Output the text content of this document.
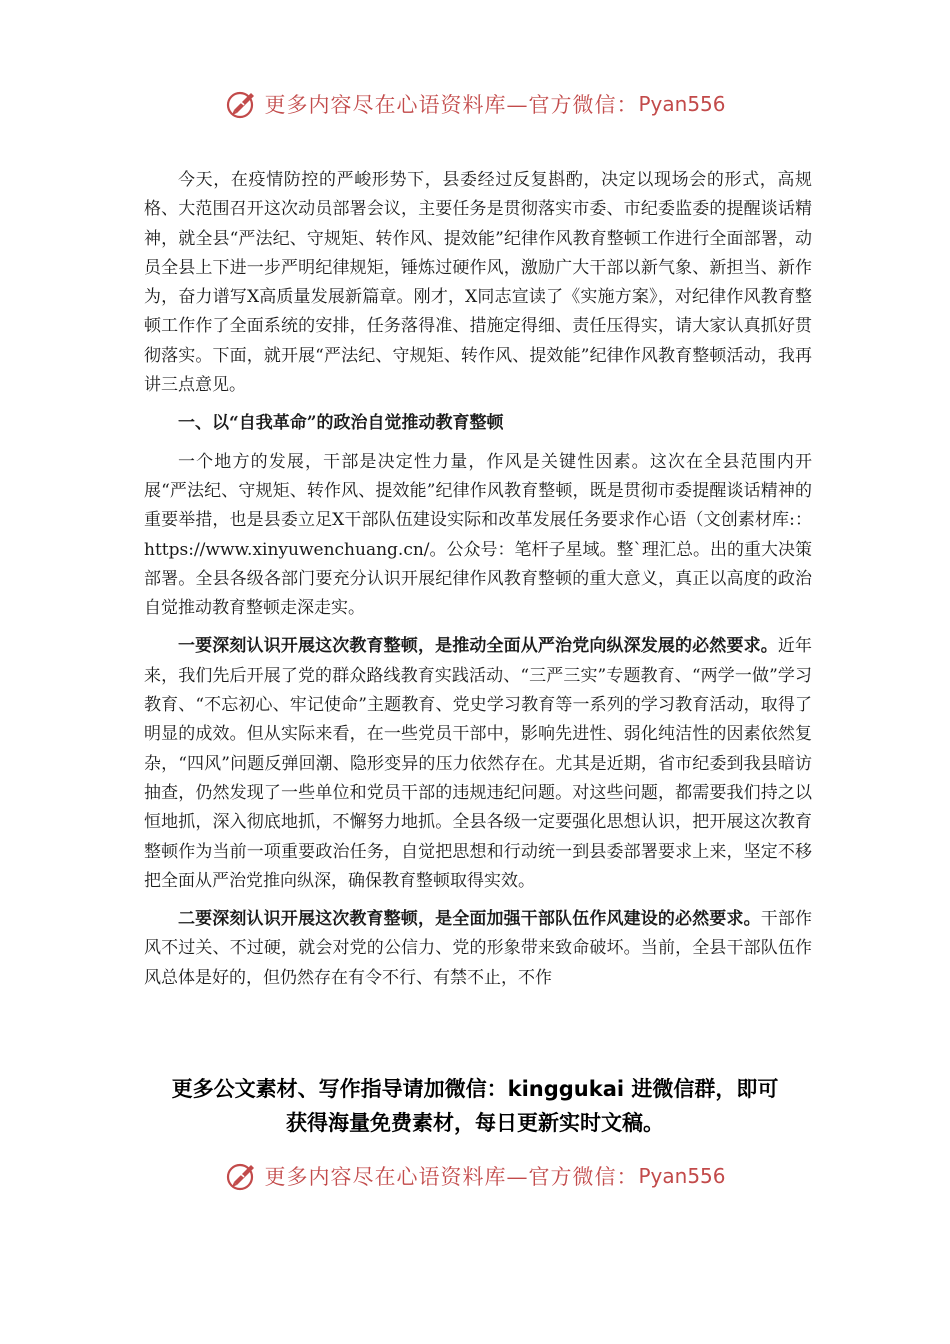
更多内容尽在心语资料库—官方微信： Pyan556

今天，在疫情防控的严峻形势下，县委经过反复斟酌，决定以现场会的形式，高规格、大范围召开这次动员部署会议，主要任务是贯彻落实市委、市纪委监委的提醒谈话精神，就全县“严法纪、守规矩、转作风、提效能”纪律作风教育整顿工作进行全面部署，动员全县上下进一步严明纪律规矩，锤炼过硬作风，激励广大干部以新气象、新担当、新作为，奋力谱写X高质量发展新篇章。刚才，X同志宣读了《实施方案》，对纪律作风教育整顿工作作了全面系统的安排，任务落得准、措施定得细、责任压得实，请大家认真抓好贯彻落实。下面，就开展“严法纪、守规矩、转作风、提效能”纪律作风教育整顿活动，我再讲三点意见。

一、以“自我革命”的政治自觉推动教育整顿

一个地方的发展，干部是决定性力量，作风是关键性因素。这次在全县范围内开展“严法纪、守规矩、转作风、提效能”纪律作风教育整顿，既是贯彻市委提醒谈话精神的重要举措，也是县委立足X干部队伍建设实际和改革发展任务要求作心语（文创素材库:：https://www.xinyuwenchuang.cn/。公众号：笔杆子星域。整`理汇总。出的重大决策部署。全县各级各部门要充分认识开展纪律作风教育整顿的重大意义，真正以高度的政治自觉推动教育整顿走深走实。

一要深刻认识开展这次教育整顿，是推动全面从严治党向纵深发展的必然要求。近年来，我们先后开展了党的群众路线教育实践活动、“三严三实”专题教育、“两学一做”学习教育、“不忘初心、牢记使命”主题教育、党史学习教育等一系列的学习教育活动，取得了明显的成效。但从实际来看，在一些党员干部中，影响先进性、弱化纯洁性的因素依然复杂，“四风”问题反弹回潮、隐形变异的压力依然存在。尤其是近期，省市纪委到我县暗访抽查，仍然发现了一些单位和党员干部的违规违纪问题。对这些问题，都需要我们持之以恒地抓，深入彻底地抓，不懈努力地抓。全县各级一定要强化思想认识，把开展这次教育整顿作为当前一项重要政治任务，自觉把思想和行动统一到县委部署要求上来，坚定不移把全面从严治党推向纵深，确保教育整顿取得实效。

二要深刻认识开展这次教育整顿，是全面加强干部队伍作风建设的必然要求。干部作风不过关、不过硬，就会对党的公信力、党的形象带来致命破坏。当前，全县干部队伍作风总体是好的，但仍然存在有令不行、有禁不止，不作

更多公文素材、写作指导请加微信：kinggukai 进微信群，即可
获得海量免费素材，每日更新实时文稿。
更多内容尽在心语资料库—官方微信： Pyan556
